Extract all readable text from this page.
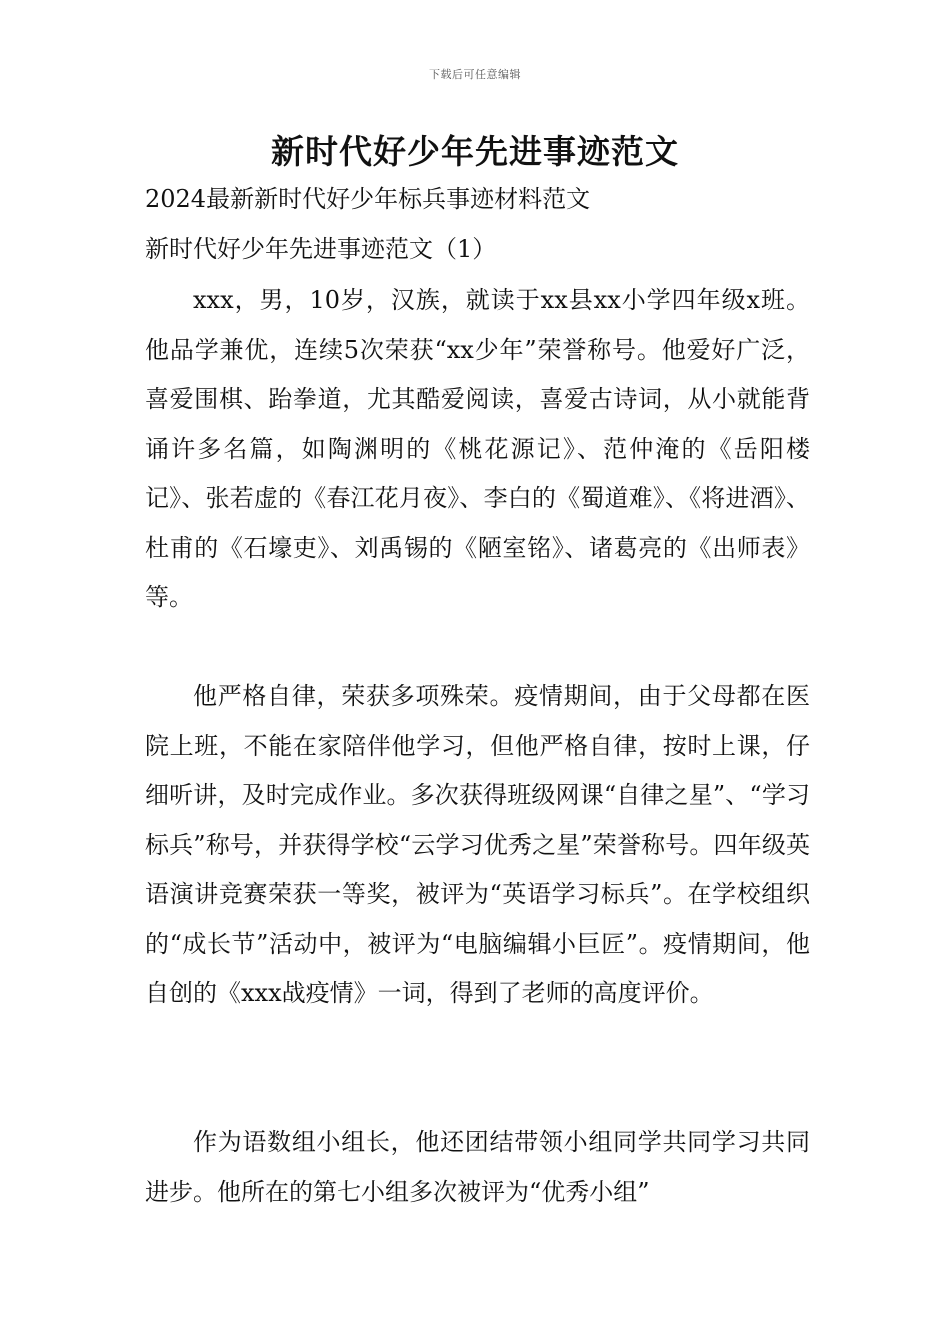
下载后可任意编辑
新时代好少年先进事迹范文
2024最新新时代好少年标兵事迹材料范文
新时代好少年先进事迹范文（1）

xxx，男，10岁，汉族，就读于xx县xx小学四年级x班。他品学兼优，连续5次荣获“xx少年”荣誉称号。他爱好广泛，喜爱围棋、跆拳道，尤其酷爱阅读，喜爱古诗词，从小就能背诵许多名篇，如陶渊明的《桃花源记》、范仲淹的《岳阳楼记》、张若虚的《春江花月夜》、李白的《蜀道难》、《将进酒》、杜甫的《石壕吏》、刘禹锡的《陋室铭》、诸葛亮的《出师表》等。

他严格自律，荣获多项殊荣。疫情期间，由于父母都在医院上班，不能在家陪伴他学习，但他严格自律，按时上课，仔细听讲，及时完成作业。多次获得班级网课“自律之星”、“学习标兵”称号，并获得学校“云学习优秀之星”荣誉称号。四年级英语演讲竞赛荣获一等奖，被评为“英语学习标兵”。在学校组织的“成长节”活动中，被评为“电脑编辑小巨匠”。疫情期间，他自创的《xxx战疫情》一词，得到了老师的高度评价。

作为语数组小组长，他还团结带领小组同学共同学习共同进步。他所在的第七小组多次被评为“优秀小组”
